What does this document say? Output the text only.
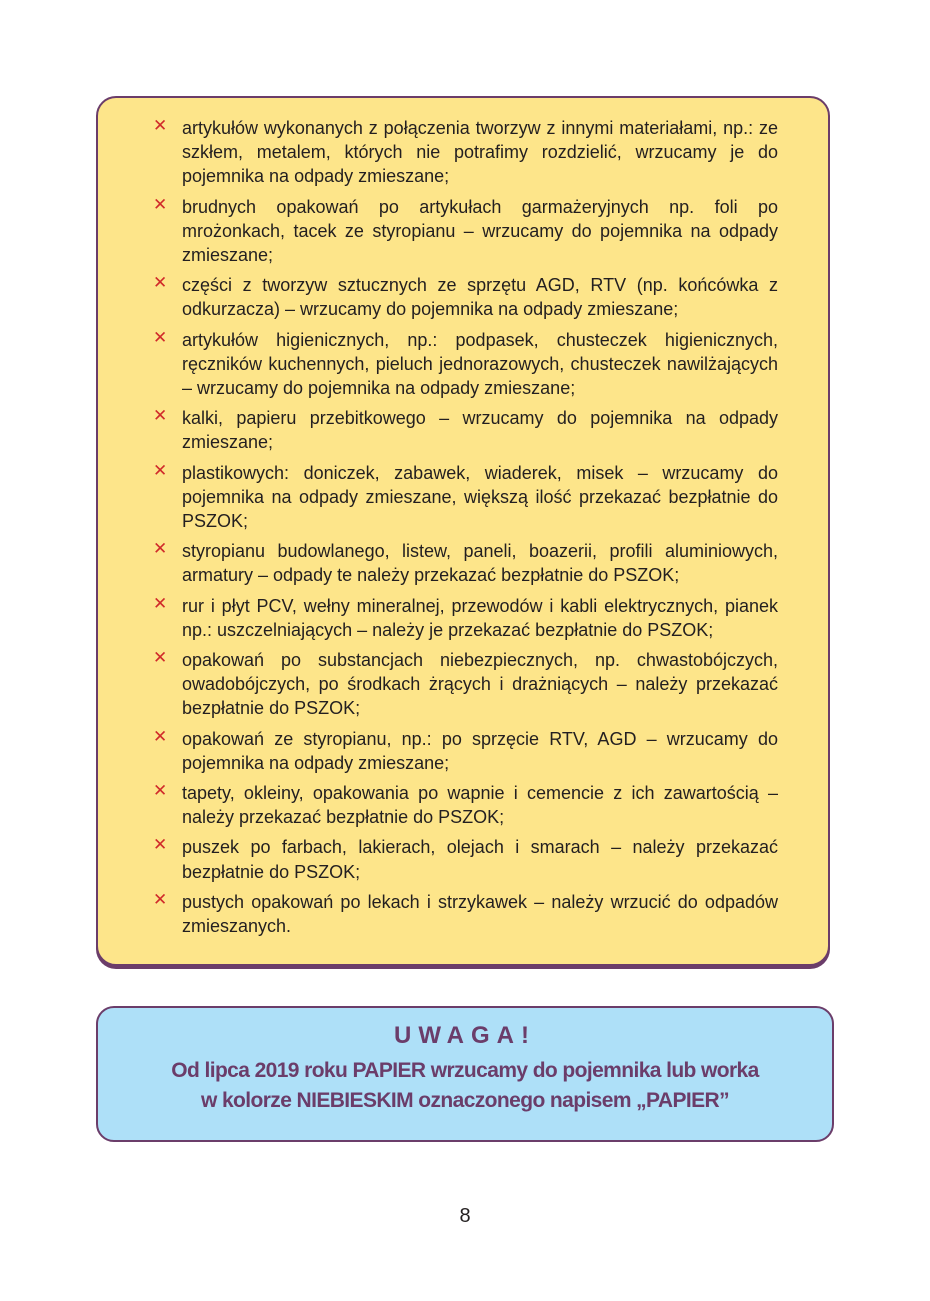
✕ artykułów wykonanych z połączenia tworzyw z innymi materiałami, np.: ze szkłem, metalem, których nie potrafimy rozdzielić, wrzucamy je do pojemnika na odpady zmieszane;
✕ brudnych opakowań po artykułach garmażeryjnych np. foli po mrożonkach, tacek ze styropianu – wrzucamy do pojemnika na odpady zmieszane;
✕ części z tworzyw sztucznych ze sprzętu AGD, RTV (np. końcówka z odkurzacza) – wrzucamy do pojemnika na odpady zmieszane;
✕ artykułów higienicznych, np.: podpasek, chusteczek higienicznych, ręczników kuchennych, pieluch jednorazowych, chusteczek nawilżających – wrzucamy do pojemnika na odpady zmieszane;
✕ kalki, papieru przebitkowego – wrzucamy do pojemnika na odpady zmieszane;
✕ plastikowych: doniczek, zabawek, wiaderek, misek – wrzucamy do pojemnika na odpady zmieszane, większą ilość przekazać bezpłatnie do PSZOK;
✕ styropianu budowlanego, listew, paneli, boazerii, profili aluminiowych, armatury – odpady te należy przekazać bezpłatnie do PSZOK;
✕ rur i płyt PCV, wełny mineralnej, przewodów i kabli elektrycznych, pianek np.: uszczelniających – należy je przekazać bezpłatnie do PSZOK;
✕ opakowań po substancjach niebezpiecznych, np. chwastobójczych, owadobójczych, po środkach żrących i drażniących – należy przekazać bezpłatnie do PSZOK;
✕ opakowań ze styropianu, np.: po sprzęcie RTV, AGD – wrzucamy do pojemnika na odpady zmieszane;
✕ tapety, okleiny, opakowania po wapnie i cemencie z ich zawartością – należy przekazać bezpłatnie do PSZOK;
✕ puszek po farbach, lakierach, olejach i smarach – należy przekazać bezpłatnie do PSZOK;
✕ pustych opakowań po lekach i strzykawek – należy wrzucić do odpadów zmieszanych.
UWAGA!
Od lipca 2019 roku PAPIER wrzucamy do pojemnika lub worka
w kolorze NIEBIESKIM oznaczonego napisem „PAPIER”
8
